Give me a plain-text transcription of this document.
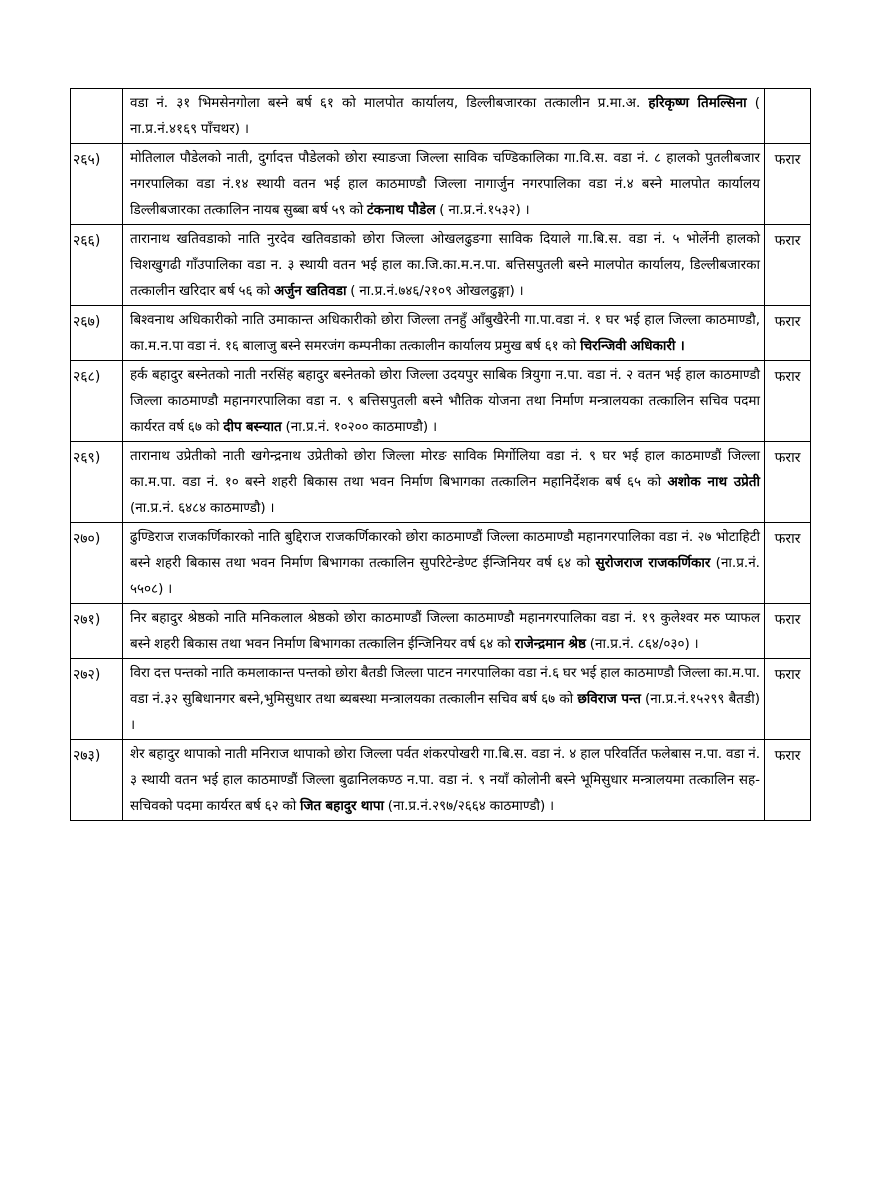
	वडा नं. ३१ भिमसेनगोला बस्ने बर्ष ६१ को मालपोत कार्यालय, डिल्लीबजारका तत्कालीन प्र.मा.अ. हरिकृष्ण तिमल्सिना ( ना.प्र.नं.४१६९ पाँचथर) ।	
२६५)	मोतिलाल पौडेलको नाती, दुर्गादत्त पौडेलको छोरा स्याङजा जिल्ला साविक चण्डिकालिका गा.वि.स. वडा नं. ८ हालको पुतलीबजार नगरपालिका वडा नं.१४ स्थायी वतन भई हाल काठमाण्डौ जिल्ला नागार्जुन नगरपालिका वडा नं.४ बस्ने मालपोत कार्यालय डिल्लीबजारका तत्कालिन नायब सुब्बा बर्ष ५९ को टंकनाथ पौडेल ( ना.प्र.नं.१५३२) ।	फरार
२६६)	तारानाथ खतिवडाको नाति नुरदेव खतिवडाको छोरा जिल्ला ओखलढुङगा साविक दियाले गा.बि.स. वडा नं. ५ भोर्लेनी हालको चिशखुगढी गाँउपालिका वडा न. ३ स्थायी वतन भई हाल का.जि.का.म.न.पा. बत्तिसपुतली बस्ने मालपोत कार्यालय, डिल्लीबजारका तत्कालीन खरिदार बर्ष ५६ को अर्जुन खतिवडा ( ना.प्र.नं.७४६/२१०९ ओखलढुङ्गा) ।	फरार
२६७)	बिश्वनाथ अधिकारीको नाति उमाकान्त अधिकारीको छोरा जिल्ला तनहुँ आँबुखैरेनी गा.पा.वडा नं. १ घर भई हाल जिल्ला काठमाण्डौ, का.म.न.पा वडा नं. १६ बालाजु बस्ने समरजंग कम्पनीका तत्कालीन कार्यालय प्रमुख बर्ष ६१ को चिरन्जिवी अधिकारी ।	फरार
२६८)	हर्क बहादुर बस्नेतको नाती नरसिंह बहादुर बस्नेतको छोरा जिल्ला उदयपुर साबिक त्रियुगा न.पा. वडा नं. २ वतन भई हाल काठमाण्डौ जिल्ला काठमाण्डौ महानगरपालिका वडा न. ९ बत्तिसपुतली बस्ने भौतिक योजना तथा निर्माण मन्त्रालयका तत्कालिन सचिव पदमा कार्यरत वर्ष ६७ को दीप बस्न्यात (ना.प्र.नं. १०२०० काठमाण्डौ) ।	फरार
२६९)	तारानाथ उप्रेतीको नाती खगेन्द्रनाथ उप्रेतीको छोरा जिल्ला मोरङ साविक मिर्गोलिया वडा नं. ९ घर भई हाल काठमाण्डौं जिल्ला का.म.पा. वडा नं. १० बस्ने शहरी बिकास तथा भवन निर्माण बिभागका तत्कालिन महानिर्देशक बर्ष ६५ को अशोक नाथ उप्रेती (ना.प्र.नं. ६४८४ काठमाण्डौ) ।	फरार
२७०)	ढुण्डिराज राजकर्णिकारको नाति बुद्दिराज राजकर्णिकारको छोरा काठमाण्डौं जिल्ला काठमाण्डौ महानगरपालिका वडा नं. २७ भोटाहिटी बस्ने शहरी बिकास तथा भवन निर्माण बिभागका तत्कालिन सुपरिटेन्डेण्ट ईन्जिनियर वर्ष ६४ को सुरोजराज राजकर्णिकार (ना.प्र.नं. ५५०८) ।	फरार
२७१)	निर बहादुर श्रेष्ठको नाति मनिकलाल श्रेष्ठको छोरा काठमाण्डौं जिल्ला काठमाण्डौ महानगरपालिका वडा नं. १९ कुलेश्वर मरु प्याफल बस्ने शहरी बिकास तथा भवन निर्माण बिभागका तत्कालिन ईन्जिनियर वर्ष ६४ को राजेन्द्रमान श्रेष्ठ (ना.प्र.नं. ८६४/०३०) ।	फरार
२७२)	विरा दत्त पन्तको नाति कमलाकान्त पन्तको छोरा बैतडी जिल्ला पाटन नगरपालिका वडा नं.६ घर भई हाल काठमाण्डौ जिल्ला का.म.पा. वडा नं.३२ सुबिधानगर बस्ने,भुमिसुधार तथा ब्यबस्था मन्त्रालयका तत्कालीन सचिव बर्ष ६७ को छविराज पन्त (ना.प्र.नं.१५२९९ बैतडी) ।	फरार
२७३)	शेर बहादुर थापाको नाती मनिराज थापाको छोरा जिल्ला पर्वत शंकरपोखरी गा.बि.स. वडा नं. ४ हाल परिवर्तित फलेबास न.पा. वडा नं. ३ स्थायी वतन भई हाल काठमाण्डौं जिल्ला बुढानिलकण्ठ न.पा. वडा नं. ९ नयाँ कोलोनी बस्ने भूमिसुधार मन्त्रालयमा तत्कालिन सह-सचिवको पदमा कार्यरत बर्ष ६२ को जित बहादुर थापा (ना.प्र.नं.२९७/२६६४ काठमाण्डौ) ।	फरार
